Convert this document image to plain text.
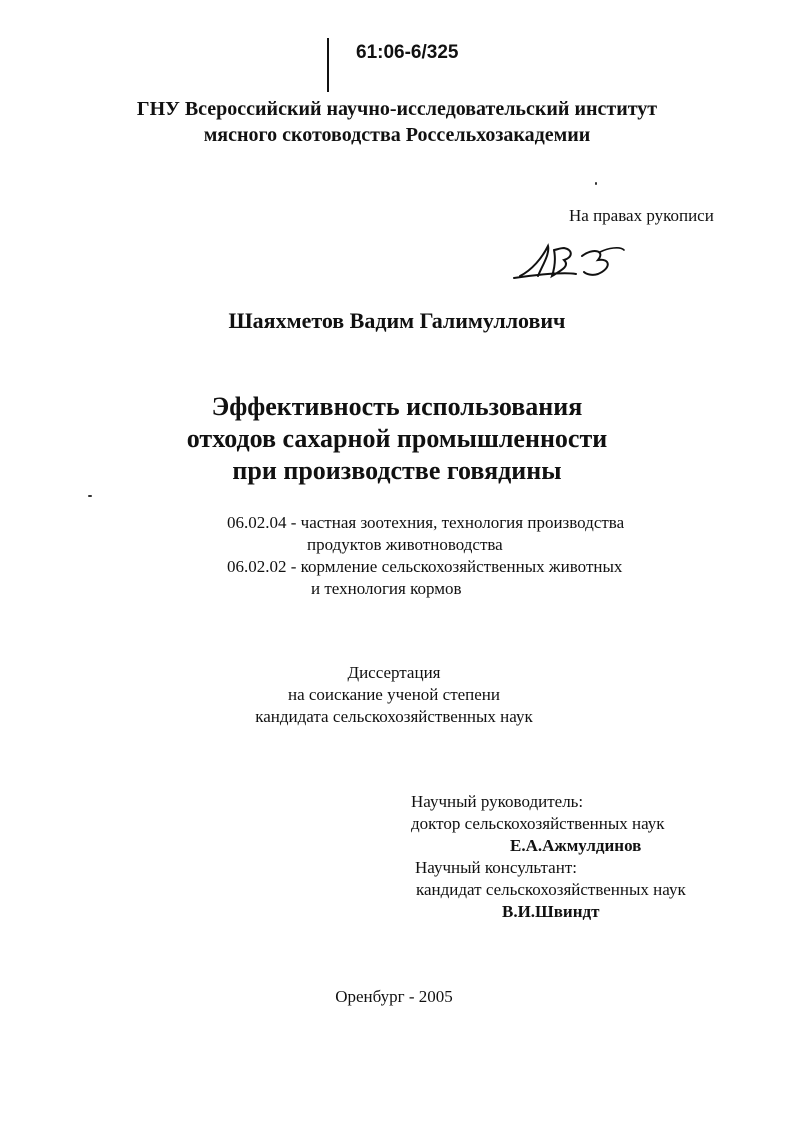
61:06-6/325
ГНУ Всероссийский научно-исследовательский институт
мясного скотоводства Россельхозакадемии
На правах рукописи
Шаяхметов Вадим Галимуллович
Эффективность использования
отходов сахарной промышленности
при производстве говядины
06.02.04 - частная зоотехния, технология производства
продуктов животноводства
06.02.02 - кормление сельскохозяйственных животных
и технология кормов
Диссертация
на соискание ученой степени
кандидата сельскохозяйственных наук
Научный руководитель:
доктор сельскохозяйственных наук
Е.А.Ажмулдинов
Научный консультант:
кандидат сельскохозяйственных наук
В.И.Швиндт
Оренбург - 2005
